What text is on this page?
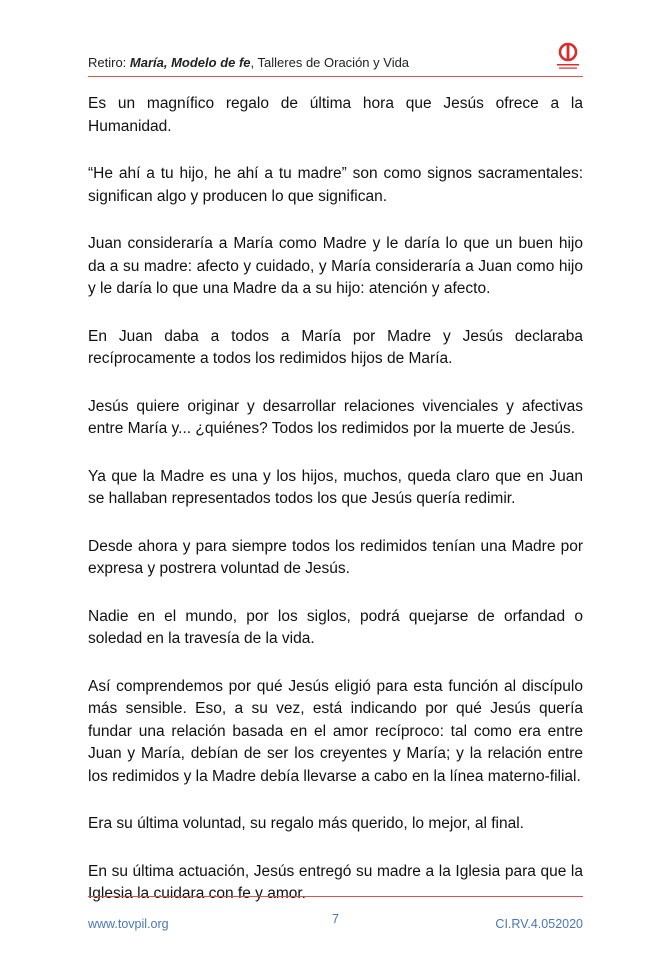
Retiro: María, Modelo de fe, Talleres de Oración y Vida

Es un magnífico regalo de última hora que Jesús ofrece a la Humanidad.

“He ahí a tu hijo, he ahí a tu madre” son como signos sacramentales: significan algo y producen lo que significan.

Juan consideraría a María como Madre y le daría lo que un buen hijo da a su madre: afecto y cuidado, y María consideraría a Juan como hijo y le daría lo que una Madre da a su hijo: atención y afecto.

En Juan daba a todos a María por Madre y Jesús declaraba recíprocamente a todos los redimidos hijos de María.

Jesús quiere originar y desarrollar relaciones vivenciales y afectivas entre María y... ¿quiénes? Todos los redimidos por la muerte de Jesús.

Ya que la Madre es una y los hijos, muchos, queda claro que en Juan se hallaban representados todos los que Jesús quería redimir.

Desde ahora y para siempre todos los redimidos tenían una Madre por expresa y postrera voluntad de Jesús.

Nadie en el mundo, por los siglos, podrá quejarse de orfandad o soledad en la travesía de la vida.

Así comprendemos por qué Jesús eligió para esta función al discípulo más sensible. Eso, a su vez, está indicando por qué Jesús quería fundar una relación basada en el amor recíproco: tal como era entre Juan y María, debían de ser los creyentes y María; y la relación entre los redimidos y la Madre debía llevarse a cabo en la línea materno-filial.

Era su última voluntad, su regalo más querido, lo mejor, al final.

En su última actuación, Jesús entregó su madre a la Iglesia para que la Iglesia la cuidara con fe y amor.

www.tovpil.org	7	CI.RV.4.052020
